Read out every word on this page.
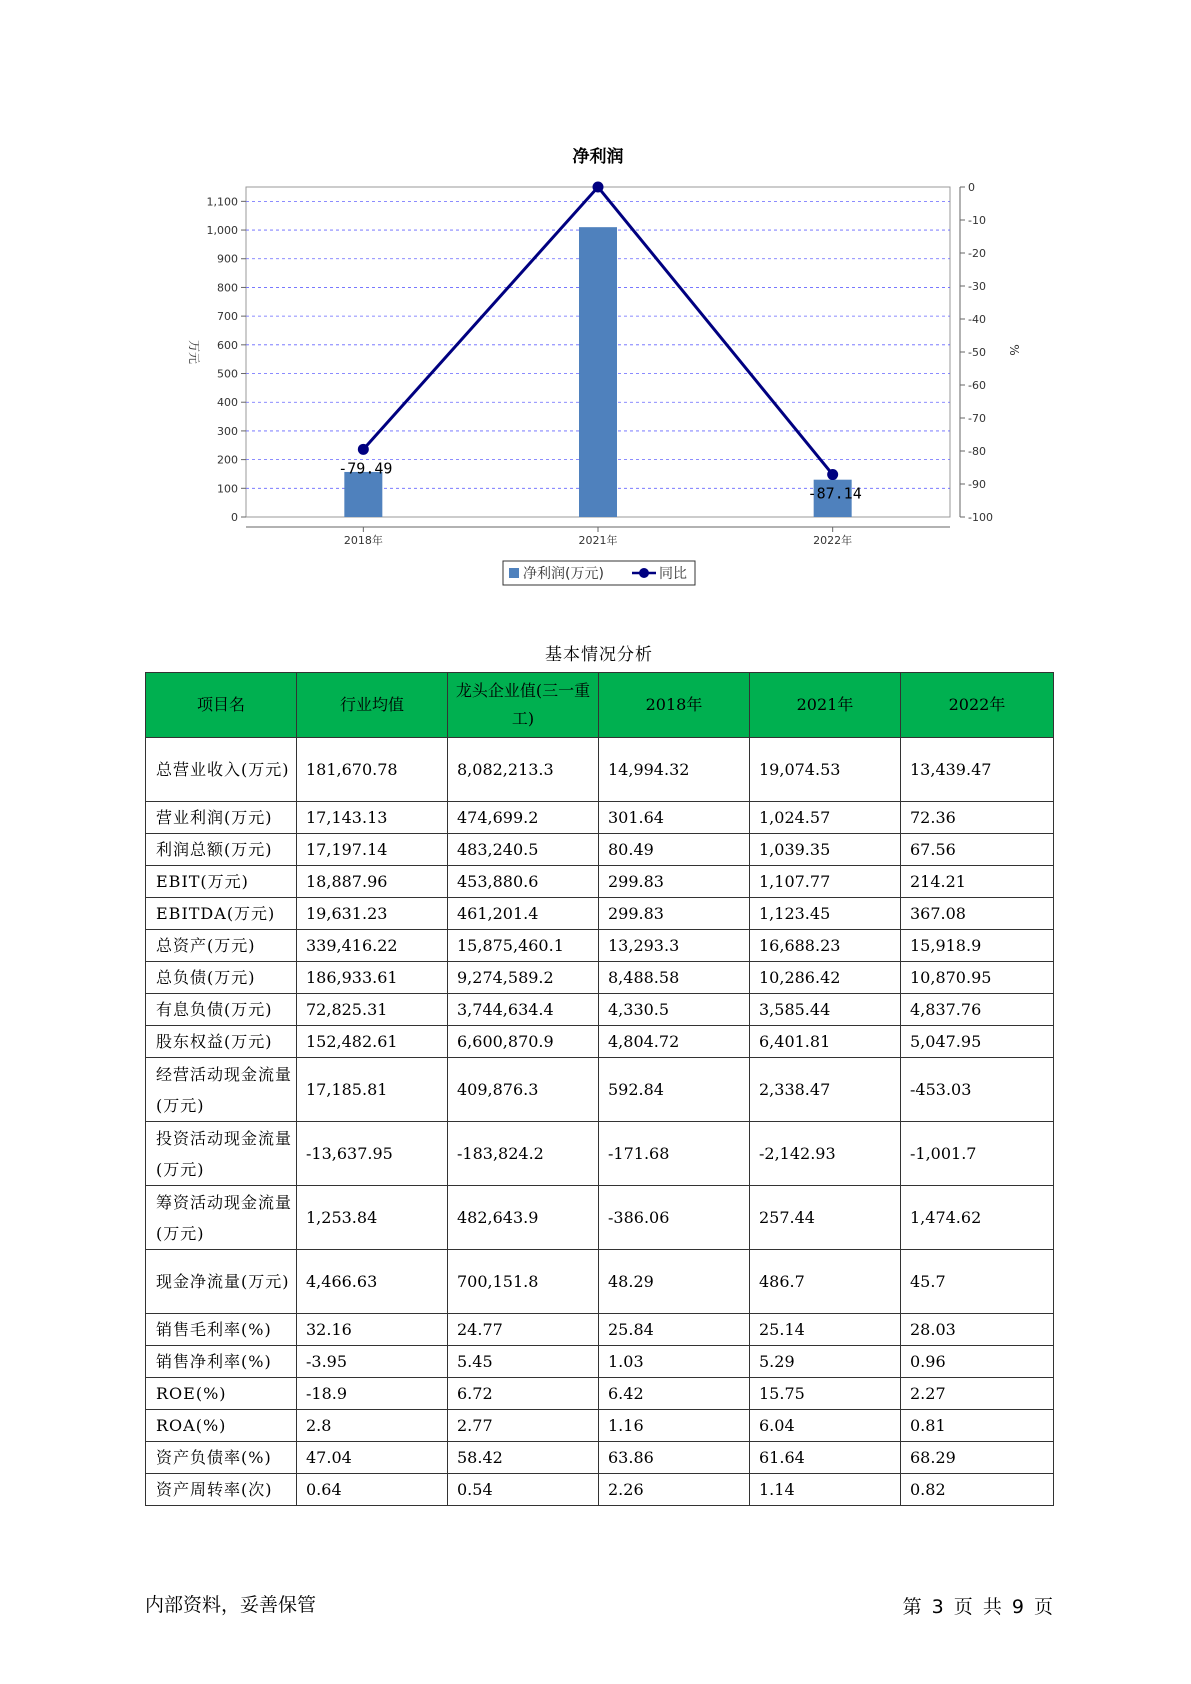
净利润
0
100
200
300
400
500
600
700
800
900
1,000
1,100
0
-10
-20
-30
-40
-50
-60
-70
-80
-90
-100
万元	%
2018年	2021年	2022年
-79.49
-87.14
净利润(万元)	同比
基本情况分析
项目名	行业均值	龙头企业值(三一重工)	2018年	2021年	2022年
总营业收入(万元)	181,670.78	8,082,213.3	14,994.32	19,074.53	13,439.47
营业利润(万元)	17,143.13	474,699.2	301.64	1,024.57	72.36
利润总额(万元)	17,197.14	483,240.5	80.49	1,039.35	67.56
EBIT(万元)	18,887.96	453,880.6	299.83	1,107.77	214.21
EBITDA(万元)	19,631.23	461,201.4	299.83	1,123.45	367.08
总资产(万元)	339,416.22	15,875,460.1	13,293.3	16,688.23	15,918.9
总负债(万元)	186,933.61	9,274,589.2	8,488.58	10,286.42	10,870.95
有息负债(万元)	72,825.31	3,744,634.4	4,330.5	3,585.44	4,837.76
股东权益(万元)	152,482.61	6,600,870.9	4,804.72	6,401.81	5,047.95
经营活动现金流量(万元)	17,185.81	409,876.3	592.84	2,338.47	-453.03
投资活动现金流量(万元)	-13,637.95	-183,824.2	-171.68	-2,142.93	-1,001.7
筹资活动现金流量(万元)	1,253.84	482,643.9	-386.06	257.44	1,474.62
现金净流量(万元)	4,466.63	700,151.8	48.29	486.7	45.7
销售毛利率(%)	32.16	24.77	25.84	25.14	28.03
销售净利率(%)	-3.95	5.45	1.03	5.29	0.96
ROE(%)	-18.9	6.72	6.42	15.75	2.27
ROA(%)	2.8	2.77	1.16	6.04	0.81
资产负债率(%)	47.04	58.42	63.86	61.64	68.29
资产周转率(次)	0.64	0.54	2.26	1.14	0.82
内部资料，妥善保管	第 3 页 共 9 页
